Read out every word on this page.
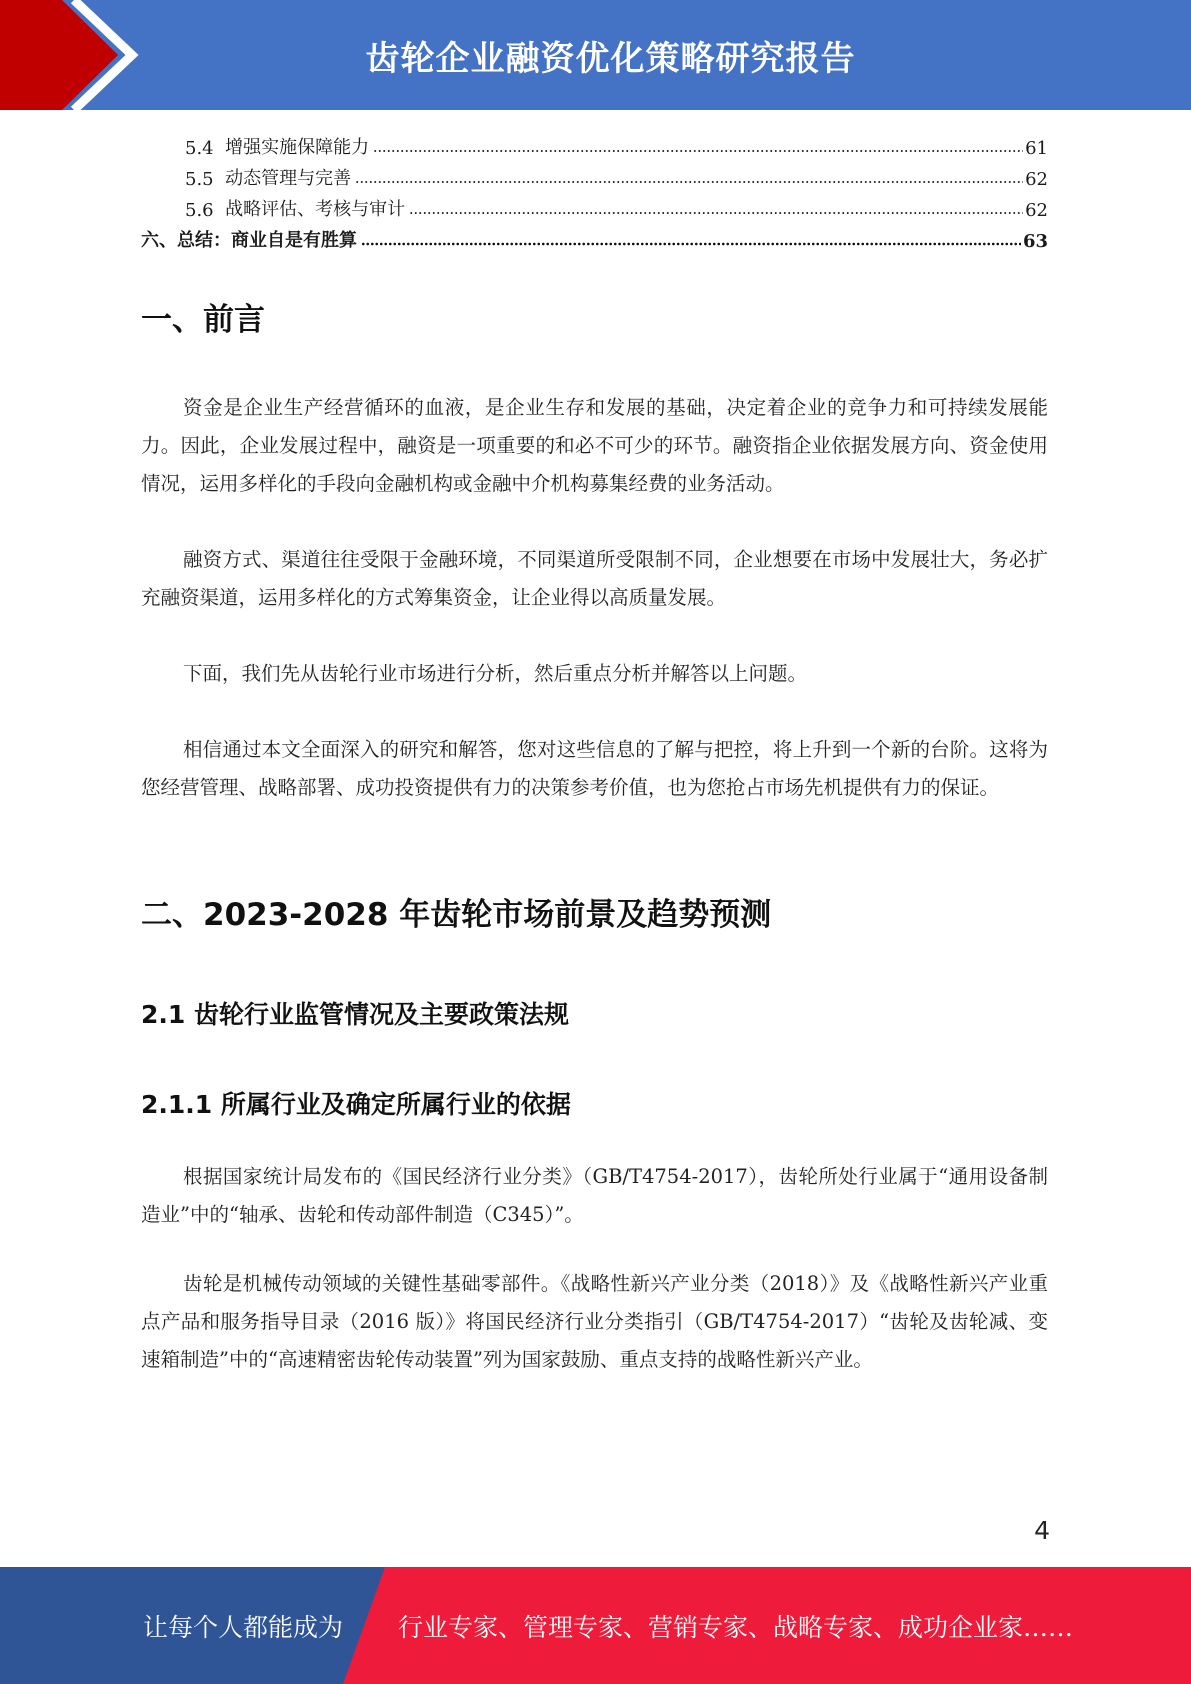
齿轮企业融资优化策略研究报告
5.4 增强实施保障能力	61
5.5 动态管理与完善	62
5.6 战略评估、考核与审计	62
六、总结：商业自是有胜算	63
一、前言

资金是企业生产经营循环的血液，是企业生存和发展的基础，决定着企业的竞争力和可持续发展能力。因此，企业发展过程中，融资是一项重要的和必不可少的环节。融资指企业依据发展方向、资金使用情况，运用多样化的手段向金融机构或金融中介机构募集经费的业务活动。

融资方式、渠道往往受限于金融环境，不同渠道所受限制不同，企业想要在市场中发展壮大，务必扩充融资渠道，运用多样化的方式筹集资金，让企业得以高质量发展。

下面，我们先从齿轮行业市场进行分析，然后重点分析并解答以上问题。

相信通过本文全面深入的研究和解答，您对这些信息的了解与把控，将上升到一个新的台阶。这将为您经营管理、战略部署、成功投资提供有力的决策参考价值，也为您抢占市场先机提供有力的保证。

二、2023-2028 年齿轮市场前景及趋势预测
2.1 齿轮行业监管情况及主要政策法规
2.1.1 所属行业及确定所属行业的依据

根据国家统计局发布的《国民经济行业分类》（GB/T4754-2017），齿轮所处行业属于“通用设备制造业”中的“轴承、齿轮和传动部件制造（C345）”。

齿轮是机械传动领域的关键性基础零部件。《战略性新兴产业分类（2018）》及《战略性新兴产业重点产品和服务指导目录（2016 版）》将国民经济行业分类指引（GB/T4754-2017）“齿轮及齿轮减、变速箱制造”中的“高速精密齿轮传动装置”列为国家鼓励、重点支持的战略性新兴产业。

4
让每个人都能成为 行业专家、管理专家、营销专家、战略专家、成功企业家……
